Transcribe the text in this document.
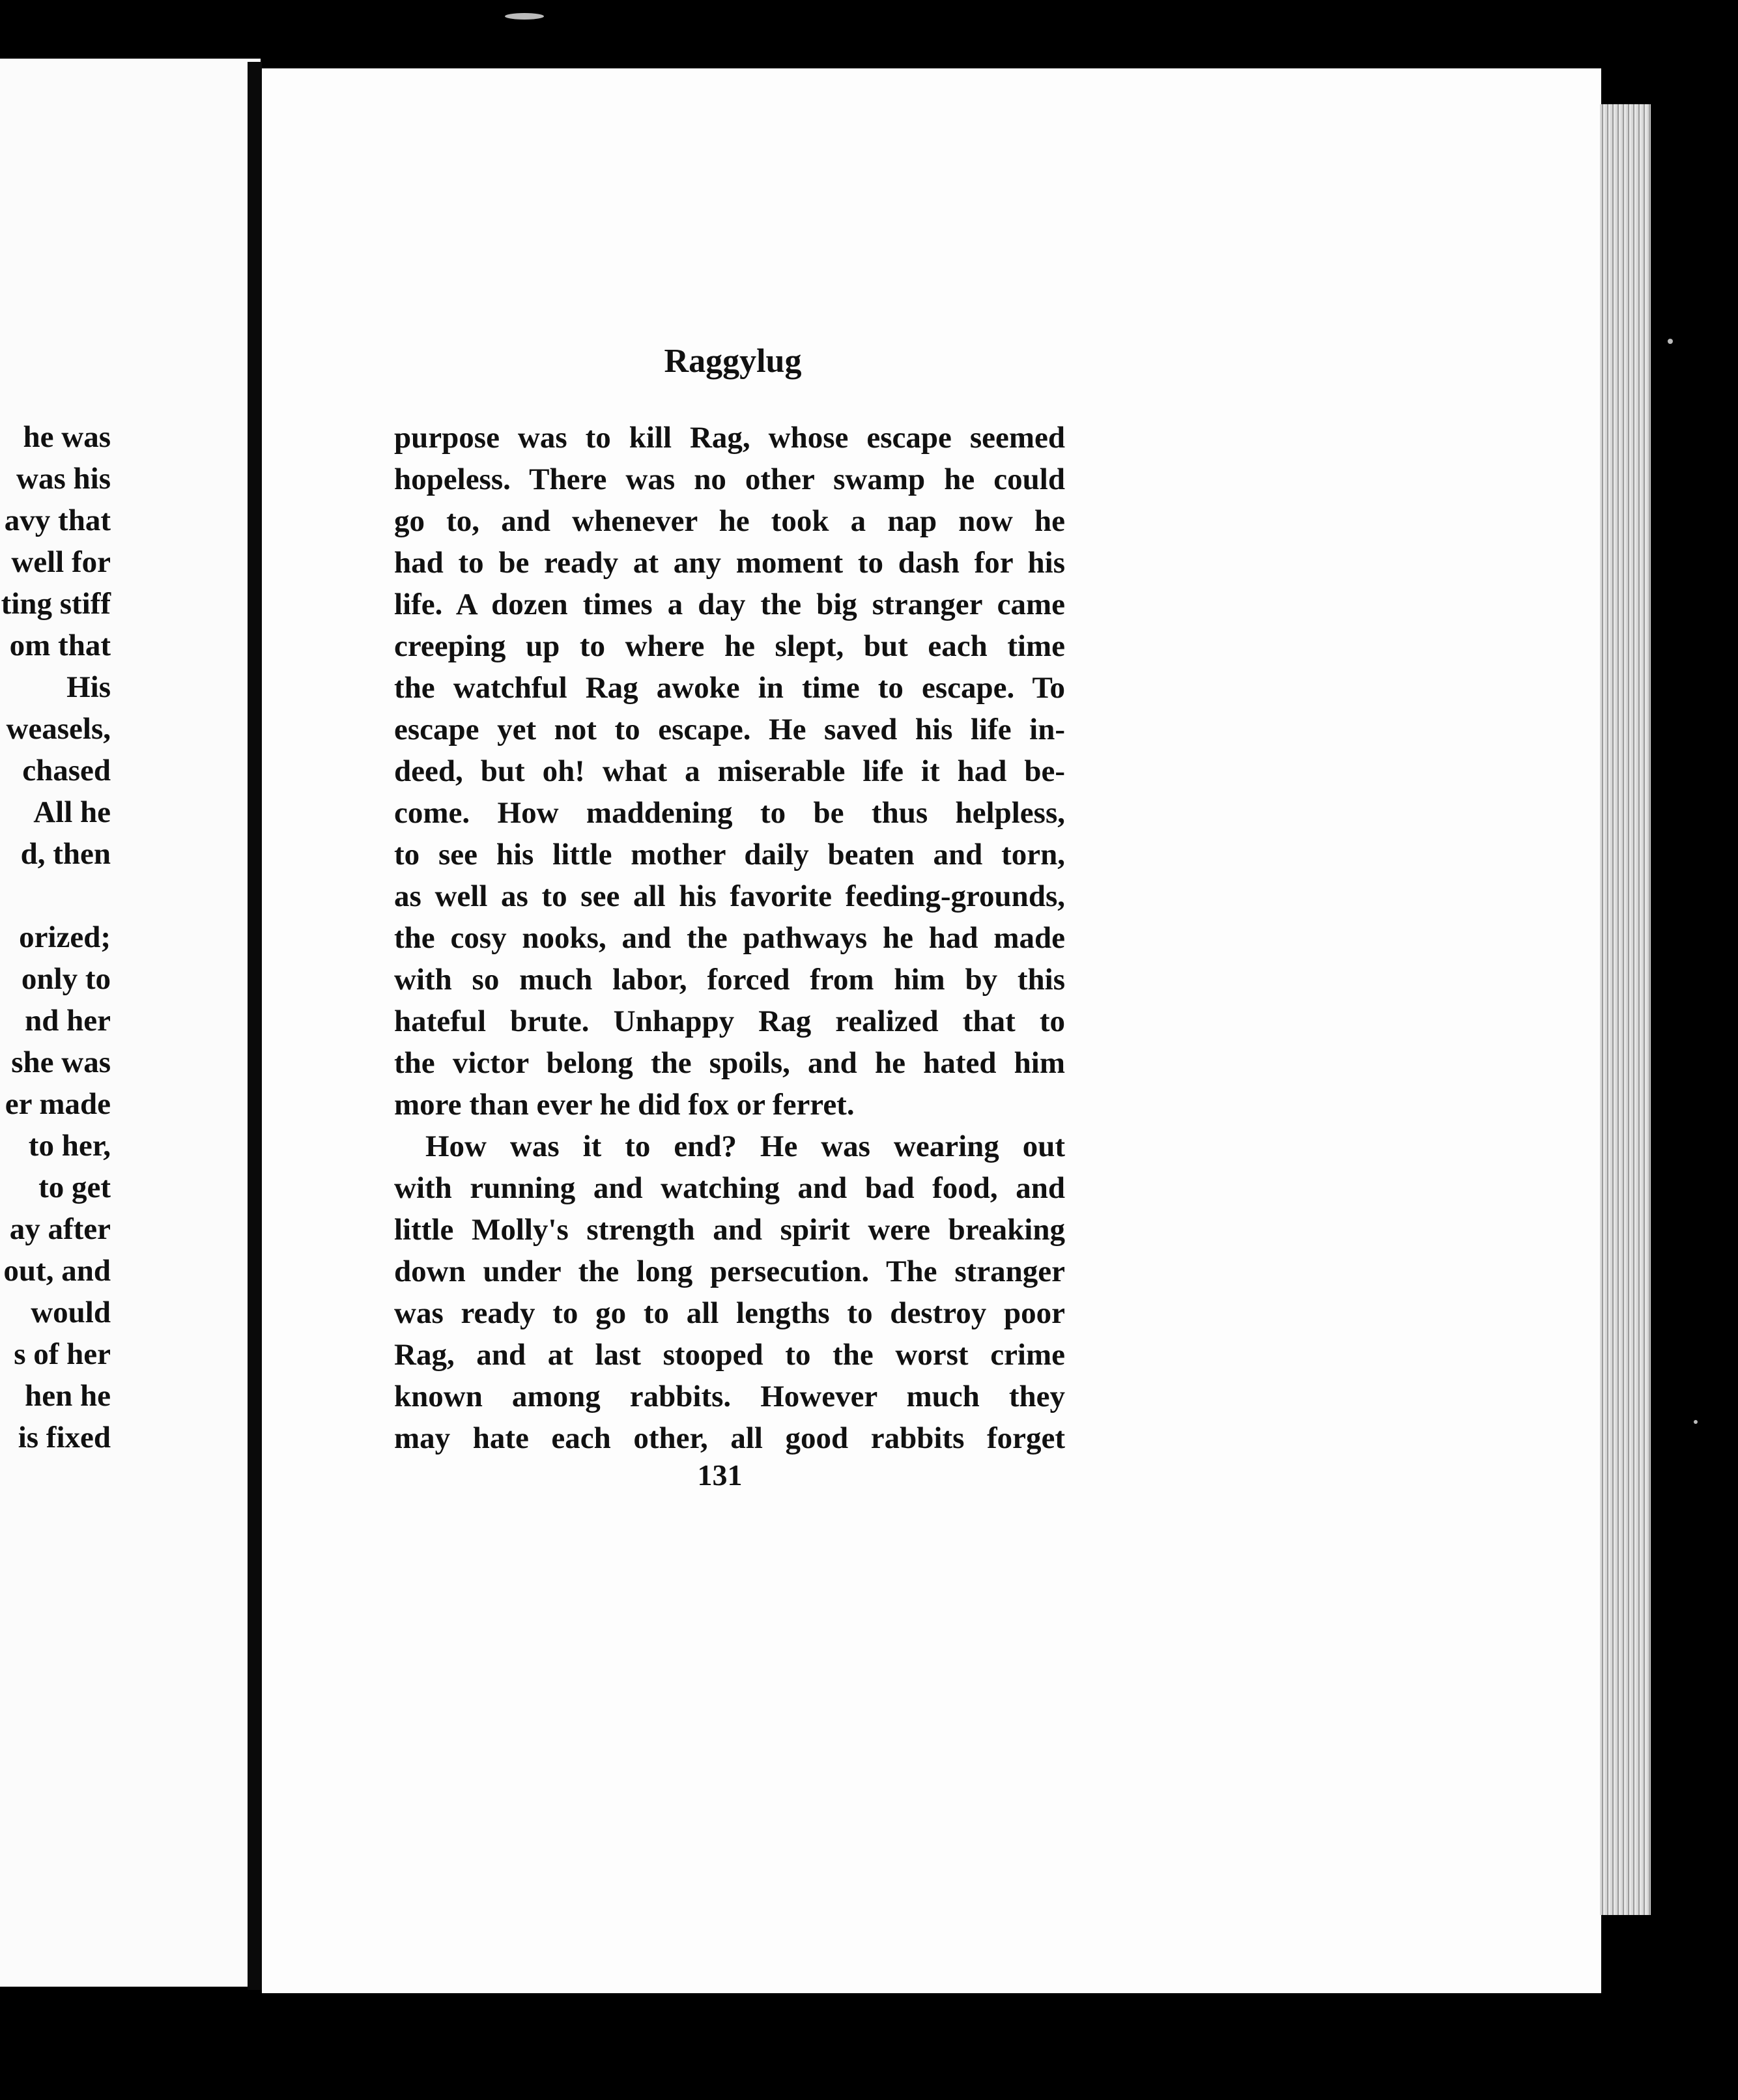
he was
was his
avy that
well for
ting stiff
om that
His
weasels,
chased
All he
d, then
orized;
only to
nd her
she was
er made
to her,
to get
ay after
out, and
would
s of her
hen he
is fixed
Raggylug
purpose was to kill Rag, whose escape seemed
hopeless. There was no other swamp he could
go to, and whenever he took a nap now he
had to be ready at any moment to dash for his
life. A dozen times a day the big stranger came
creeping up to where he slept, but each time
the watchful Rag awoke in time to escape. To
escape yet not to escape. He saved his life in-
deed, but oh! what a miserable life it had be-
come. How maddening to be thus helpless,
to see his little mother daily beaten and torn,
as well as to see all his favorite feeding-grounds,
the cosy nooks, and the pathways he had made
with so much labor, forced from him by this
hateful brute. Unhappy Rag realized that to
the victor belong the spoils, and he hated him
more than ever he did fox or ferret.
How was it to end? He was wearing out
with running and watching and bad food, and
little Molly's strength and spirit were breaking
down under the long persecution. The stranger
was ready to go to all lengths to destroy poor
Rag, and at last stooped to the worst crime
known among rabbits. However much they
may hate each other, all good rabbits forget
131
